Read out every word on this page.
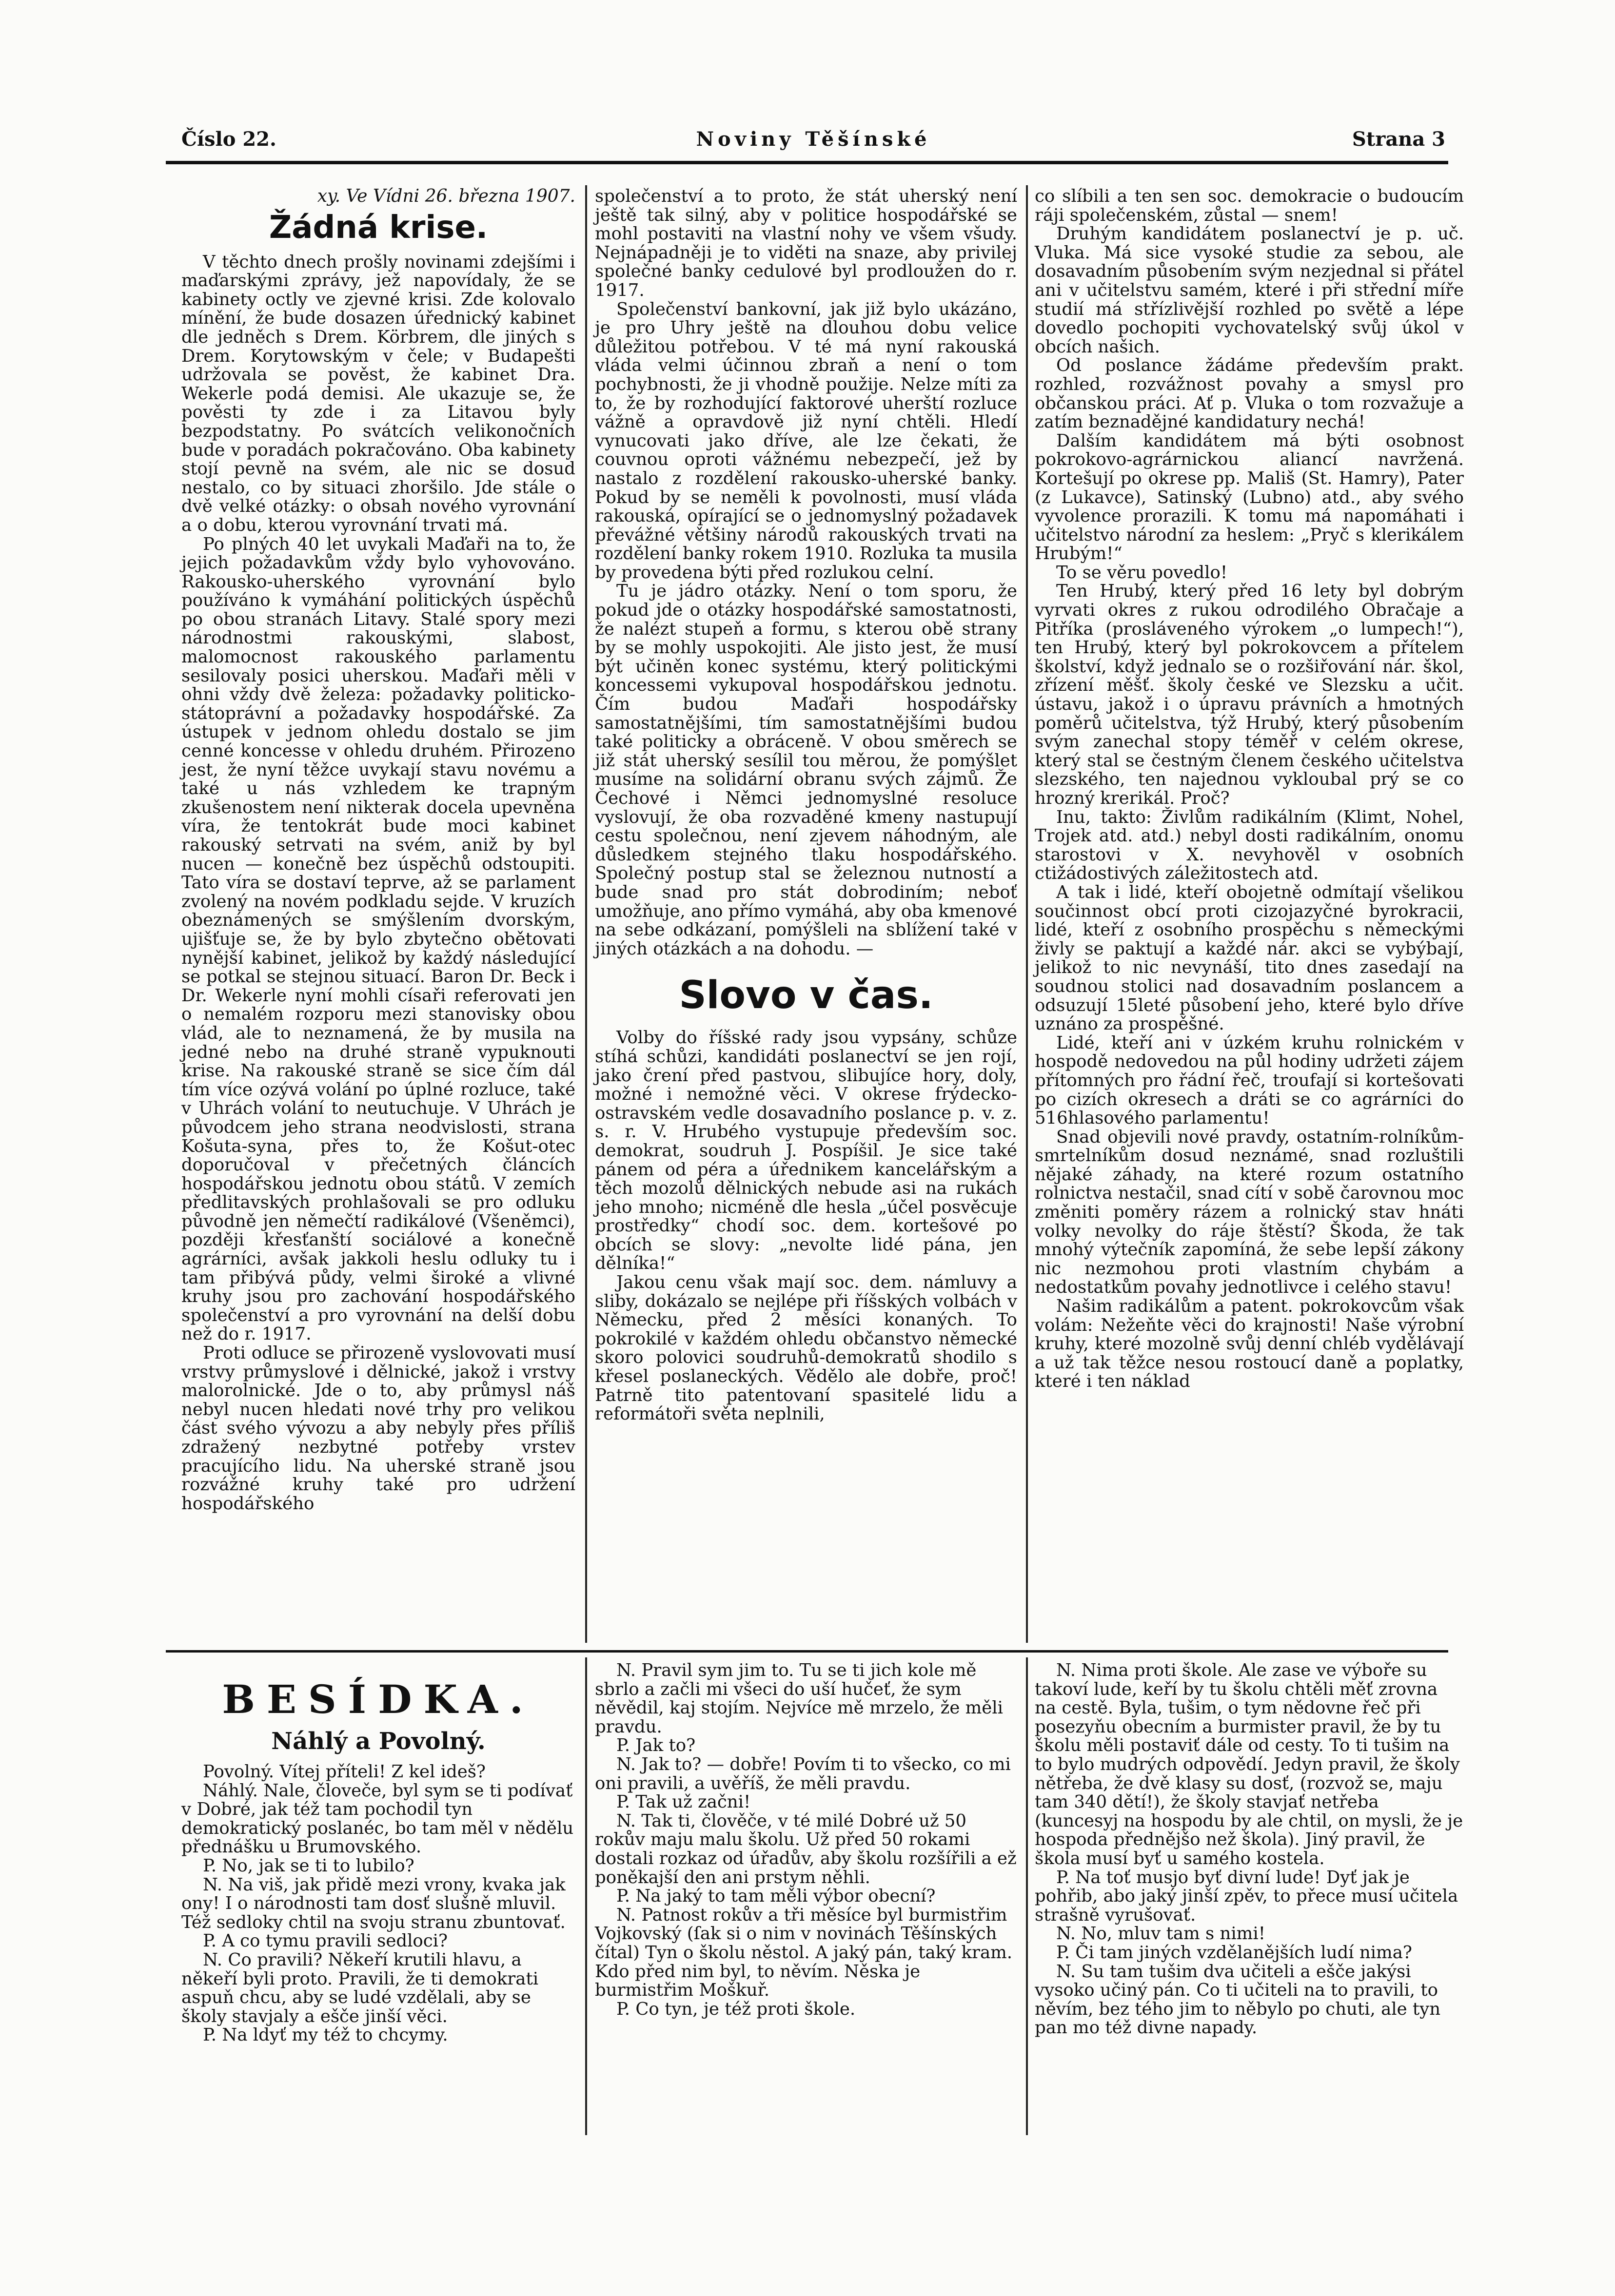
Číslo 22.	Noviny Těšínské	Strana 3

xy. Ve Vídni 26. března 1907.

Žádná krise.

V těchto dnech prošly novinami zdejšími i maďarskými zprávy, jež napovídaly, že se kabinety octly ve zjevné krisi. Zde kolovalo mínění, že bude dosazen úřednický kabinet dle jedněch s Drem. Körbrem, dle jiných s Drem. Korytowským v čele; v Budapešti udržovala se pověst, že kabinet Dra. Wekerle podá demisi. Ale ukazuje se, že pověsti ty zde i za Litavou byly bezpodstatny. Po svátcích velikonočních bude v poradách pokračováno. Oba kabinety stojí pevně na svém, ale nic se dosud nestalo, co by situaci zhoršilo. Jde stále o dvě velké otázky: o obsah nového vyrovnání a o dobu, kterou vyrovnání trvati má.

Po plných 40 let uvykali Maďaři na to, že jejich požadavkům vždy bylo vyhovováno. Rakousko-uherského vyrovnání bylo používáno k vymáhání politických úspěchů po obou stranách Litavy. Stalé spory mezi národnostmi rakouskými, slabost, malomocnost rakouského parlamentu sesilovaly posici uherskou. Maďaři měli v ohni vždy dvě železa: požadavky politicko-státoprávní a požadavky hospodářské. Za ústupek v jednom ohledu dostalo se jim cenné koncesse v ohledu druhém. Přirozeno jest, že nyní těžce uvykají stavu novému a také u nás vzhledem ke trapným zkušenostem není nikterak docela upevněna víra, že tentokrát bude moci kabinet rakouský setrvati na svém, aniž by byl nucen — konečně bez úspěchů odstoupiti. Tato víra se dostaví teprve, až se parlament zvolený na novém podkladu sejde. V kruzích obeznámených se smýšlením dvorským, ujišťuje se, že by bylo zbytečno obětovati nynější kabinet, jelikož by každý následující se potkal se stejnou situací. Baron Dr. Beck i Dr. Wekerle nyní mohli císaři referovati jen o nemalém rozporu mezi stanovisky obou vlád, ale to neznamená, že by musila na jedné nebo na druhé straně vypuknouti krise. Na rakouské straně se sice čím dál tím více ozývá volání po úplné rozluce, také v Uhrách volání to neutuchuje. V Uhrách je původcem jeho strana neodvislosti, strana Košuta-syna, přes to, že Košut-otec doporučoval v přečetných článcích hospodářskou jednotu obou států. V zemích předlitavských prohlašovali se pro odluku původně jen němečtí radikálové (Všeněmci), později křesťanští sociálové a konečně agrárníci, avšak jakkoli heslu odluky tu i tam přibývá půdy, velmi široké a vlivné kruhy jsou pro zachování hospodářského společenství a pro vyrovnání na delší dobu než do r. 1917.

Proti odluce se přirozeně vyslovovati musí vrstvy průmyslové i dělnické, jakož i vrstvy malorolnické. Jde o to, aby průmysl náš nebyl nucen hledati nové trhy pro velikou část svého vývozu a aby nebyly přes příliš zdražený nezbytné potřeby vrstev pracujícího lidu. Na uherské straně jsou rozvážné kruhy také pro udržení hospodářského

společenství a to proto, že stát uherský není ještě tak silný, aby v politice hospodářské se mohl postaviti na vlastní nohy ve všem všudy. Nejnápadněji je to viděti na snaze, aby privilej společné banky cedulové byl prodloužen do r. 1917.

Společenství bankovní, jak již bylo ukázáno, je pro Uhry ještě na dlouhou dobu velice důležitou potřebou. V té má nyní rakouská vláda velmi účinnou zbraň a není o tom pochybnosti, že ji vhodně použije. Nelze míti za to, že by rozhodující faktorové uherští rozluce vážně a opravdově již nyní chtěli. Hledí vynucovati jako dříve, ale lze čekati, že couvnou oproti vážnému nebezpečí, jež by nastalo z rozdělení rakousko-uherské banky. Pokud by se neměli k povolnosti, musí vláda rakouská, opírající se o jednomyslný požadavek převážné většiny národů rakouských trvati na rozdělení banky rokem 1910. Rozluka ta musila by provedena býti před rozlukou celní.

Tu je jádro otázky. Není o tom sporu, že pokud jde o otázky hospodářské samostatnosti, že nalézt stupeň a formu, s kterou obě strany by se mohly uspokojiti. Ale jisto jest, že musí být učiněn konec systému, který politickými koncessemi vykupoval hospodářskou jednotu. Čím budou Maďaři hospodářsky samostatnějšími, tím samostatnějšími budou také politicky a obráceně. V obou směrech se již stát uherský sesílil tou měrou, že pomýšlet musíme na solidární obranu svých zájmů. Že Čechové i Němci jednomyslné resoluce vyslovují, že oba rozvaděné kmeny nastupují cestu společnou, není zjevem náhodným, ale důsledkem stejného tlaku hospodářského. Společný postup stal se železnou nutností a bude snad pro stát dobrodiním; neboť umožňuje, ano přímo vymáhá, aby oba kmenové na sebe odkázaní, pomýšleli na sblížení také v jiných otázkách a na dohodu. —

Slovo v čas.

Volby do říšské rady jsou vypsány, schůze stíhá schůzi, kandidáti poslanectví se jen rojí, jako črení před pastvou, slibujíce hory, doly, možné i nemožné věci. V okrese frýdecko-ostravském vedle dosavadního poslance p. v. z. s. r. V. Hrubého vystupuje především soc. demokrat, soudruh J. Pospíšil. Je sice také pánem od péra a úřednikem kancelářským a těch mozolů dělnických nebude asi na rukách jeho mnoho; nicméně dle hesla „účel posvěcuje prostředky“ chodí soc. dem. kortešové po obcích se slovy: „nevolte lidé pána, jen dělníka!“

Jakou cenu však mají soc. dem. námluvy a sliby, dokázalo se nejlépe při říšských volbách v Německu, před 2 měsíci konaných. To pokrokilé v každém ohledu občanstvo německé skoro polovici soudruhů-demokratů shodilo s křesel poslaneckých. Vědělo ale dobře, proč! Patrně tito patentovaní spasitelé lidu a reformátoři světa neplnili,

co slíbili a ten sen soc. demokracie o budoucím ráji společenském, zůstal — snem!

Druhým kandidátem poslanectví je p. uč. Vluka. Má sice vysoké studie za sebou, ale dosavadním působením svým nezjednal si přátel ani v učitelstvu samém, které i při střední míře studií má střízlivější rozhled po světě a lépe dovedlo pochopiti vychovatelský svůj úkol v obcích našich.

Od poslance žádáme především prakt. rozhled, rozvážnost povahy a smysl pro občanskou práci. Ať p. Vluka o tom rozvažuje a zatím beznadějné kandidatury nechá!

Dalším kandidátem má býti osobnost pokrokovo-agrárnickou aliancí navržená. Kortešují po okrese pp. Mališ (St. Hamry), Pater (z Lukavce), Satinský (Lubno) atd., aby svého vyvolence prorazili. K tomu má napomáhati i učitelstvo národní za heslem: „Pryč s klerikálem Hrubým!“

To se věru povedlo!

Ten Hrubý, který před 16 lety byl dobrým vyrvati okres z rukou odrodilého Obračaje a Pitříka (prosláveného výrokem „o lumpech!“), ten Hrubý, který byl pokrokovcem a přítelem školství, když jednalo se o rozšiřování nár. škol, zřízení měšť. školy české ve Slezsku a učit. ústavu, jakož i o úpravu právních a hmotných poměrů učitelstva, týž Hrubý, který působením svým zanechal stopy téměř v celém okrese, který stal se čestným členem českého učitelstva slezského, ten najednou vykloubal prý se co hrozný krerikál. Proč?

Inu, takto: Živlům radikálním (Klimt, Nohel, Trojek atd. atd.) nebyl dosti radikálním, onomu starostovi v X. nevyhověl v osobních ctižádostivých záležitostech atd.

A tak i lidé, kteří obojetně odmítají všelikou součinnost obcí proti cizojazyčné byrokracii, lidé, kteří z osobního prospěchu s německými živly se paktují a každé nár. akci se vybýbají, jelikož to nic nevynáší, tito dnes zasedají na soudnou stolici nad dosavadním poslancem a odsuzují 15leté působení jeho, které bylo dříve uznáno za prospěšné.

Lidé, kteří ani v úzkém kruhu rolnickém v hospodě nedovedou na půl hodiny udržeti zájem přítomných pro řádní řeč, troufají si kortešovati po cizích okresech a dráti se co agrárníci do 516hlasového parlamentu!

Snad objevili nové pravdy, ostatním-rolníkům-smrtelníkům dosud neznámé, snad rozluštili nějaké záhady, na které rozum ostatního rolnictva nestačil, snad cítí v sobě čarovnou moc změniti poměry rázem a rolnický stav hnáti volky nevolky do ráje štěstí? Škoda, že tak mnohý výtečník zapomíná, že sebe lepší zákony nic nezmohou proti vlastním chybám a nedostatkům povahy jednotlivce i celého stavu!

Našim radikálům a patent. pokrokovcům však volám: Nežeňte věci do krajnosti! Naše výrobní kruhy, které mozolně svůj denní chléb vydělávají a už tak těžce nesou rostoucí daně a poplatky, které i ten náklad

BESÍDKA.
Náhlý a Povolný.

Povolný. Vítej příteli! Z kel ideš?

Náhlý. Nale, človeče, byl sym se ti podívať v Dobré, jak též tam pochodil tyn demokratický poslanéc, bo tam měl v nědělu přednášku u Brumovského.

P. No, jak se ti to lubilo?

N. Na viš, jak přidě mezi vrony, kvaka jak ony! I o národnosti tam dosť slušně mluvil. Též sedloky chtil na svoju stranu zbuntovať.

P. A co tymu pravili sedloci?

N. Co pravili? Někeří krutili hlavu, a někeří byli proto. Pravili, že ti demokrati aspuň chcu, aby se ludé vzdělali, aby se školy stavjaly a ešče jinší věci.

P. Na ldyť my též to chcymy.

N. Pravil sym jim to. Tu se ti jich kole mě sbrlo a začli mi všeci do uší hučeť, že sym něvědil, kaj stojím. Nejvíce mě mrzelo, že měli pravdu.

P. Jak to?

N. Jak to? — dobře! Povím ti to všecko, co mi oni pravili, a uvěříš, že měli pravdu.

P. Tak už začni!

N. Tak ti, člověče, v té milé Dobré už 50 rokův maju malu školu. Už před 50 rokami dostali rozkaz od úřadův, aby školu rozšířili a ež poněkajší den ani prstym něhli.

P. Na jaký to tam měli výbor obecní?

N. Patnost rokův a tři měsíce byl burmistřim Vojkovský (ſak si o nim v novinách Těšínských čítal) Tyn o školu něstol. A jaký pán, taký kram. Kdo před nim byl, to něvím. Něska je burmistřim Moškuř.

P. Co tyn, je též proti škole.

N. Nima proti škole. Ale zase ve výboře su takoví lude, keří by tu školu chtěli měť zrovna na cestě. Byla, tušim, o tym nědovne řeč při posezyňu obecním a burmister pravil, že by tu školu měli postaviť dále od cesty. To ti tušim na to bylo mudrých odpovědí. Jedyn pravil, že školy nětřeba, že dvě klasy su dosť, (rozvož se, maju tam 340 dětí!), že školy stavjať netřeba (kuncesyj na hospodu by ale chtil, on mysli, že je hospoda přednějšo než škola). Jiný pravil, že škola musí byť u samého kostela.

P. Na toť musjo byť divní lude! Dyť jak je pohřib, abo jaký jinší zpěv, to přece musí učitela strašně vyrušovať.

N. No, mluv tam s nimi!

P. Či tam jiných vzdělanějších ludí nima?

N. Su tam tušim dva učiteli a ešče jakýsi vysoko učiný pán. Co ti učiteli na to pravili, to něvím, bez tého jim to něbylo po chuti, ale tyn pan mo též divne napady.
